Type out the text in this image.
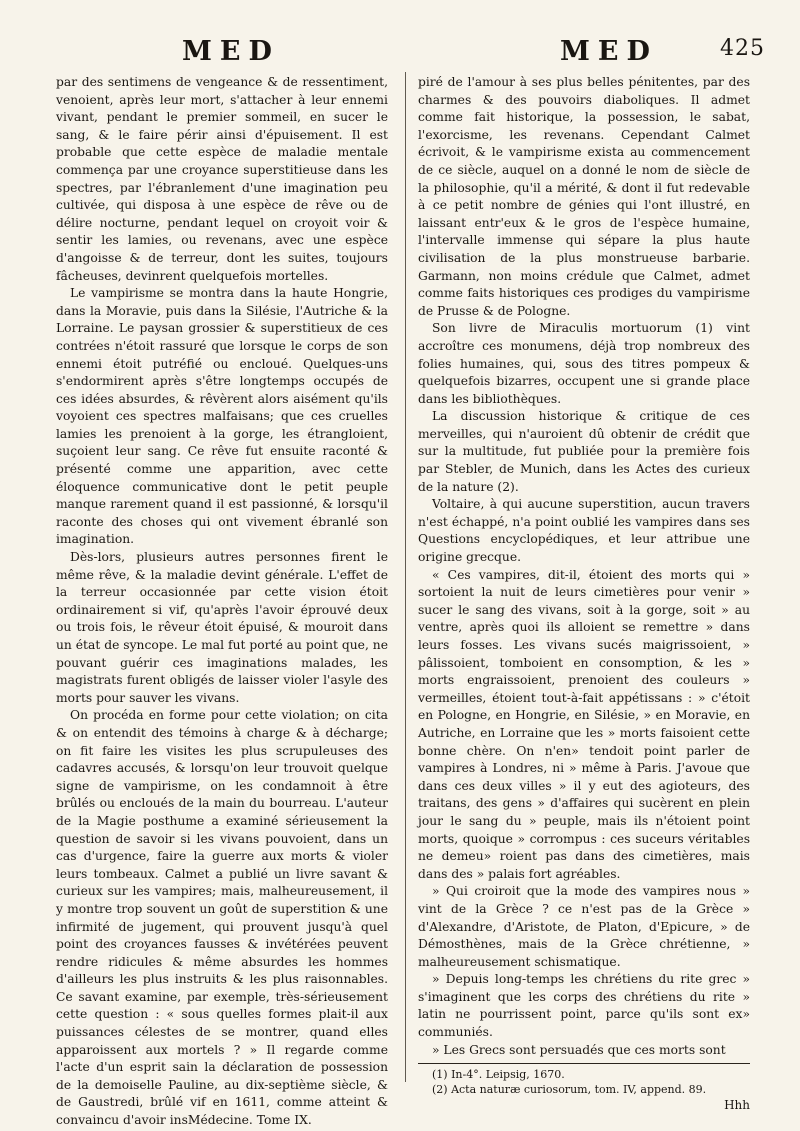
MED	MED	425

par des sentimens de vengeance & de ressentiment, venoient, après leur mort, s'attacher à leur ennemi vivant, pendant le premier sommeil, en sucer le sang, & le faire périr ainsi d'épuisement. Il est probable que cette espèce de maladie mentale commença par une croyance superstitieuse dans les spectres, par l'ébranlement d'une imagination peu cultivée, qui disposa à une espèce de rêve ou de délire nocturne, pendant lequel on croyoit voir & sentir les lamies, ou revenans, avec une espèce d'angoisse & de terreur, dont les suites, toujours fâcheuses, devinrent quelquefois mortelles.

Le vampirisme se montra dans la haute Hongrie, dans la Moravie, puis dans la Silésie, l'Autriche & la Lorraine. Le paysan grossier & superstitieux de ces contrées n'étoit rassuré que lorsque le corps de son ennemi étoit putréfié ou encloué. Quelques-uns s'endormirent après s'être longtemps occupés de ces idées absurdes, & rêvèrent alors aisément qu'ils voyoient ces spectres malfaisans; que ces cruelles lamies les prenoient à la gorge, les étrangloient, suçoient leur sang. Ce rêve fut ensuite raconté & présenté comme une apparition, avec cette éloquence communicative dont le petit peuple manque rarement quand il est passionné, & lorsqu'il raconte des choses qui ont vivement ébranlé son imagination.

Dès-lors, plusieurs autres personnes firent le même rêve, & la maladie devint générale. L'effet de la terreur occasionnée par cette vision étoit ordinairement si vif, qu'après l'avoir éprouvé deux ou trois fois, le rêveur étoit épuisé, & mouroit dans un état de syncope. Le mal fut porté au point que, ne pouvant guérir ces imaginations malades, les magistrats furent obligés de laisser violer l'asyle des morts pour sauver les vivans.

On procéda en forme pour cette violation; on cita & on entendit des témoins à charge & à décharge; on fit faire les visites les plus scrupuleuses des cadavres accusés, & lorsqu'on leur trouvoit quelque signe de vampirisme, on les condamnoit à être brûlés ou encloués de la main du bourreau. L'auteur de la Magie posthume a examiné sérieusement la question de savoir si les vivans pouvoient, dans un cas d'urgence, faire la guerre aux morts & violer leurs tombeaux. Calmet a publié un livre savant & curieux sur les vampires; mais, malheureusement, il y montre trop souvent un goût de superstition & une infirmité de jugement, qui prouvent jusqu'à quel point des croyances fausses & invétérées peuvent rendre ridicules & même absurdes les hommes d'ailleurs les plus instruits & les plus raisonnables. Ce savant examine, par exemple, très-sérieusement cette question : « sous quelles formes plait-il aux puissances célestes de se montrer, quand elles apparoissent aux mortels ? » Il regarde comme l'acte d'un esprit sain la déclaration de possession de la demoiselle Pauline, au dix-septième siècle, & de Gaustredi, brûlé vif en 1611, comme atteint & convaincu d'avoir insMédecine. Tome IX.

piré de l'amour à ses plus belles pénitentes, par des charmes & des pouvoirs diaboliques. Il admet comme fait historique, la possession, le sabat, l'exorcisme, les revenans. Cependant Calmet écrivoit, & le vampirisme exista au commencement de ce siècle, auquel on a donné le nom de siècle de la philosophie, qu'il a mérité, & dont il fut redevable à ce petit nombre de génies qui l'ont illustré, en laissant entr'eux & le gros de l'espèce humaine, l'intervalle immense qui sépare la plus haute civilisation de la plus monstrueuse barbarie. Garmann, non moins crédule que Calmet, admet comme faits historiques ces prodiges du vampirisme de Prusse & de Pologne.

Son livre de Miraculis mortuorum (1) vint accroître ces monumens, déjà trop nombreux des folies humaines, qui, sous des titres pompeux & quelquefois bizarres, occupent une si grande place dans les bibliothèques.

La discussion historique & critique de ces merveilles, qui n'auroient dû obtenir de crédit que sur la multitude, fut publiée pour la première fois par Stebler, de Munich, dans les Actes des curieux de la nature (2).

Voltaire, à qui aucune superstition, aucun travers n'est échappé, n'a point oublié les vampires dans ses Questions encyclopédiques, et leur attribue une origine grecque.

« Ces vampires, dit-il, étoient des morts qui » sortoient la nuit de leurs cimetières pour venir » sucer le sang des vivans, soit à la gorge, soit » au ventre, après quoi ils alloient se remettre » dans leurs fosses. Les vivans sucés maigrissoient, » pâlissoient, tomboient en consomption, & les » morts engraissoient, prenoient des couleurs » vermeilles, étoient tout-à-fait appétissans : » c'étoit en Pologne, en Hongrie, en Silésie, » en Moravie, en Autriche, en Lorraine que les » morts faisoient cette bonne chère. On n'en» tendoit point parler de vampires à Londres, ni » même à Paris. J'avoue que dans ces deux villes » il y eut des agioteurs, des traitans, des gens » d'affaires qui sucèrent en plein jour le sang du » peuple, mais ils n'étoient point morts, quoique » corrompus : ces suceurs véritables ne demeu» roient pas dans des cimetières, mais dans des » palais fort agréables.

» Qui croiroit que la mode des vampires nous » vint de la Grèce ? ce n'est pas de la Grèce » d'Alexandre, d'Aristote, de Platon, d'Epicure, » de Démosthènes, mais de la Grèce chrétienne, » malheureusement schismatique.

» Depuis long-temps les chrétiens du rite grec » s'imaginent que les corps des chrétiens du rite » latin ne pourrissent point, parce qu'ils sont ex» communiés.

» Les Grecs sont persuadés que ces morts sont

(1) In-4°. Leipsig, 1670.

(2) Acta naturæ curiosorum, tom. IV, append. 89.

Hhh
